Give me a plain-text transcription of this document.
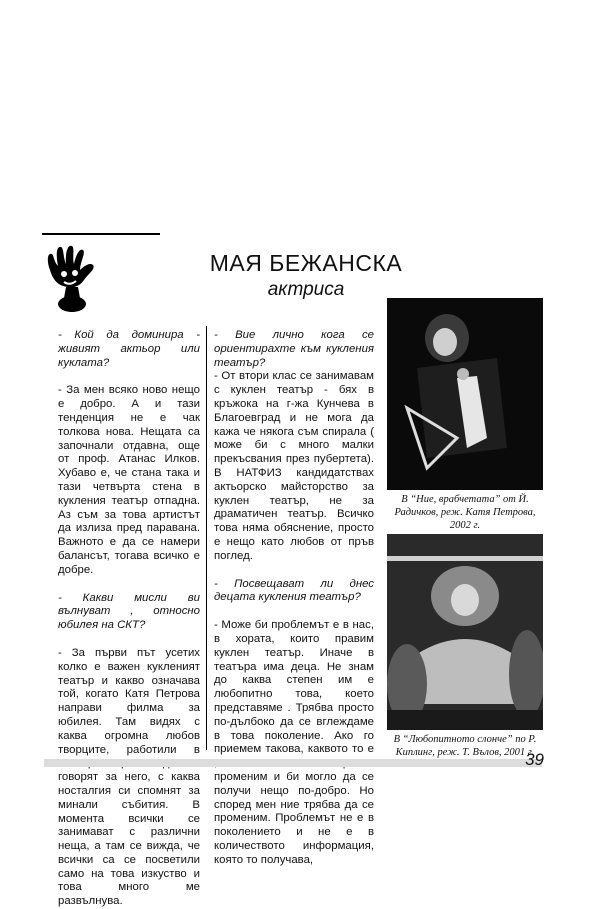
МАЯ БЕЖАНСКА
актриса

- Кой да доминира - живият актьор или куклата?

- За мен всяко ново нещо е добро. А и тази тенденция не е чак толкова нова. Нещата са започнали отдавна, още от проф. Атанас Илков. Хубаво е, че стана така и тази четвърта стена в кукления театър отпадна. Аз съм за това артистът да излиза пред паравана. Важното е да се намери балансът, тогава всичко е добре.

- Какви мисли ви вълнуват , относно юбилея на СКТ?

- За първи път усетих колко е важен кукленият театър и какво означава той, когато Катя Петрова направи филма за юбилея. Там видях с каква огромна любов творците, работили в говорят за него, с каква носталгия си спомнят за минали събития. В момента всички се занимават с различни неща, а там се вижда, че всички са се посветили само на това изкуство и това много ме развълнува.

- Вие лично кога се ориентирахте към кукления театър?

- От втори клас се занимавам с куклен театър - бях в кръжока на г-жа Кунчева в Благоевград и не мога да кажа че някога съм спирала ( може би с много малки прекъсвания през пубертета). В НАТФИЗ кандидатствах актьорско майсторство за куклен театър, не за драматичен театър. Всичко това няма обяснение, просто е нещо като любов от пръв поглед.

- Посвещават ли днес децата кукления театър?

- Може би проблемът е в нас, в хората, които правим куклен театър. Иначе в театъра има деца. Не знам до каква степен им е любопитно това, което представяме . Трябва просто по-дълбоко да се вглеждаме в това поколение. Ако го приемем такова, каквото то е променим и би могло да се получи нещо по-добро. Но според мен ние трябва да се променим. Проблемът не е в поколението и не е в количеството информация, която то получава,

В “Ние, врабчетата” от Й. Радичков, реж. Катя Петрова, 2002 г.
В “Любопитното слонче” по Р. Киплинг, реж. Т. Вълов, 2001 г.
39
